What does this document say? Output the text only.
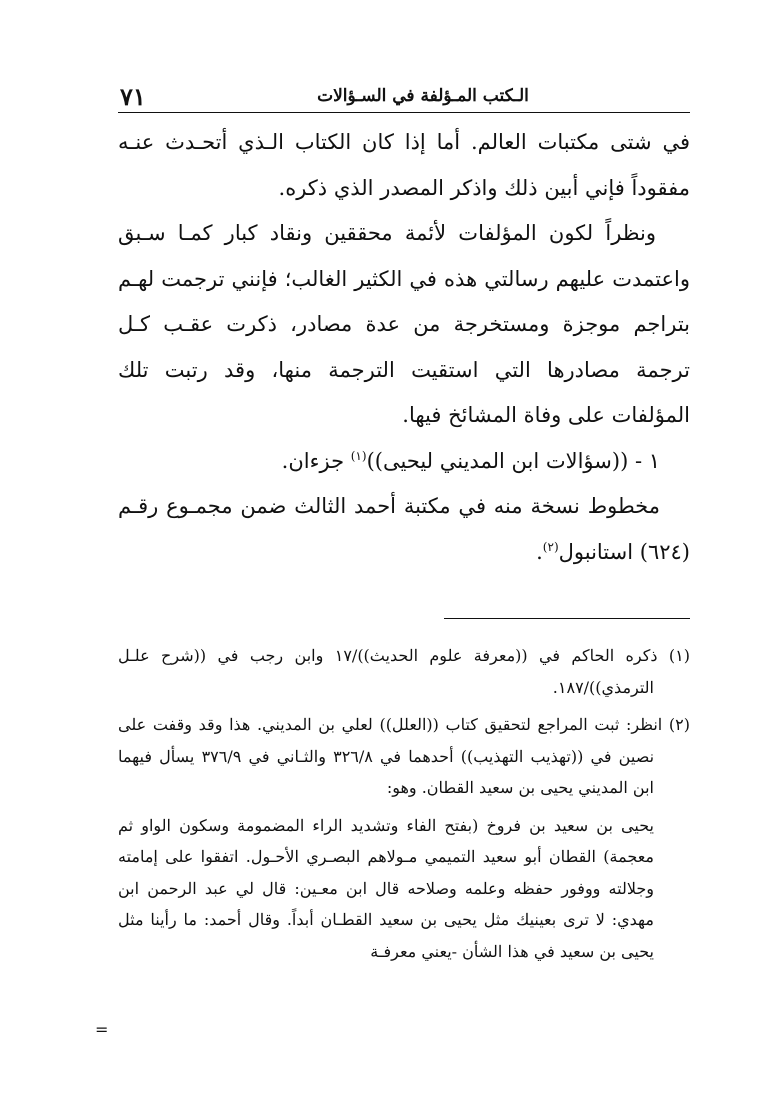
٧١	الـكتب المـؤلفة في السـؤالات

في شتى مكتبات العالم. أما إذا كان الكتاب الـذي أتحـدث عنـه مفقوداً فإني أبين ذلك واذكر المصدر الذي ذكره.

ونظراً لكون المؤلفات لأئمة محققين ونقاد كبار كمـا سـبق واعتمدت عليهم رسالتي هذه في الكثير الغالب؛ فإنني ترجمت لهـم بتراجم موجزة ومستخرجة من عدة مصادر، ذكرت عقـب كـل ترجمة مصادرها التي استقيت الترجمة منها، وقد رتبت تلك المؤلفات على وفاة المشائخ فيها.

١ - ((سؤالات ابن المديني ليحيى))$^{(١)}$ جزءان.

مخطوط نسخة منه في مكتبة أحمد الثالث ضمن مجمـوع رقـم (٦٢٤) استانبول$^{(٢)}$.

(١) ذكره الحاكم في ((معرفة علوم الحديث))/١٧ وابن رجب في ((شرح علـل الترمذي))/١٨٧.

(٢) انظر: ثبت المراجع لتحقيق كتاب ((العلل)) لعلي بن المديني. هذا وقد وقفت على نصين في ((تهذيب التهذيب)) أحدهما في ٣٢٦/٨ والثـاني في ٣٧٦/٩ يسأل فيهما ابن المديني يحيى بن سعيد القطان. وهو:

يحيى بن سعيد بن فروخ (بفتح الفاء وتشديد الراء المضمومة وسكون الواو ثم معجمة) القطان أبو سعيد التميمي مـولاهم البصـري الأحـول. اتفقوا على إمامته وجلالته ووفور حفظه وعلمه وصلاحه قال ابن معـين: قال لي عبد الرحمن ابن مهدي: لا ترى بعينيك مثل يحيى بن سعيد القطـان أبداً. وقال أحمد: ما رأينا مثل يحيى بن سعيد في هذا الشأن -يعني معرفـة

=
